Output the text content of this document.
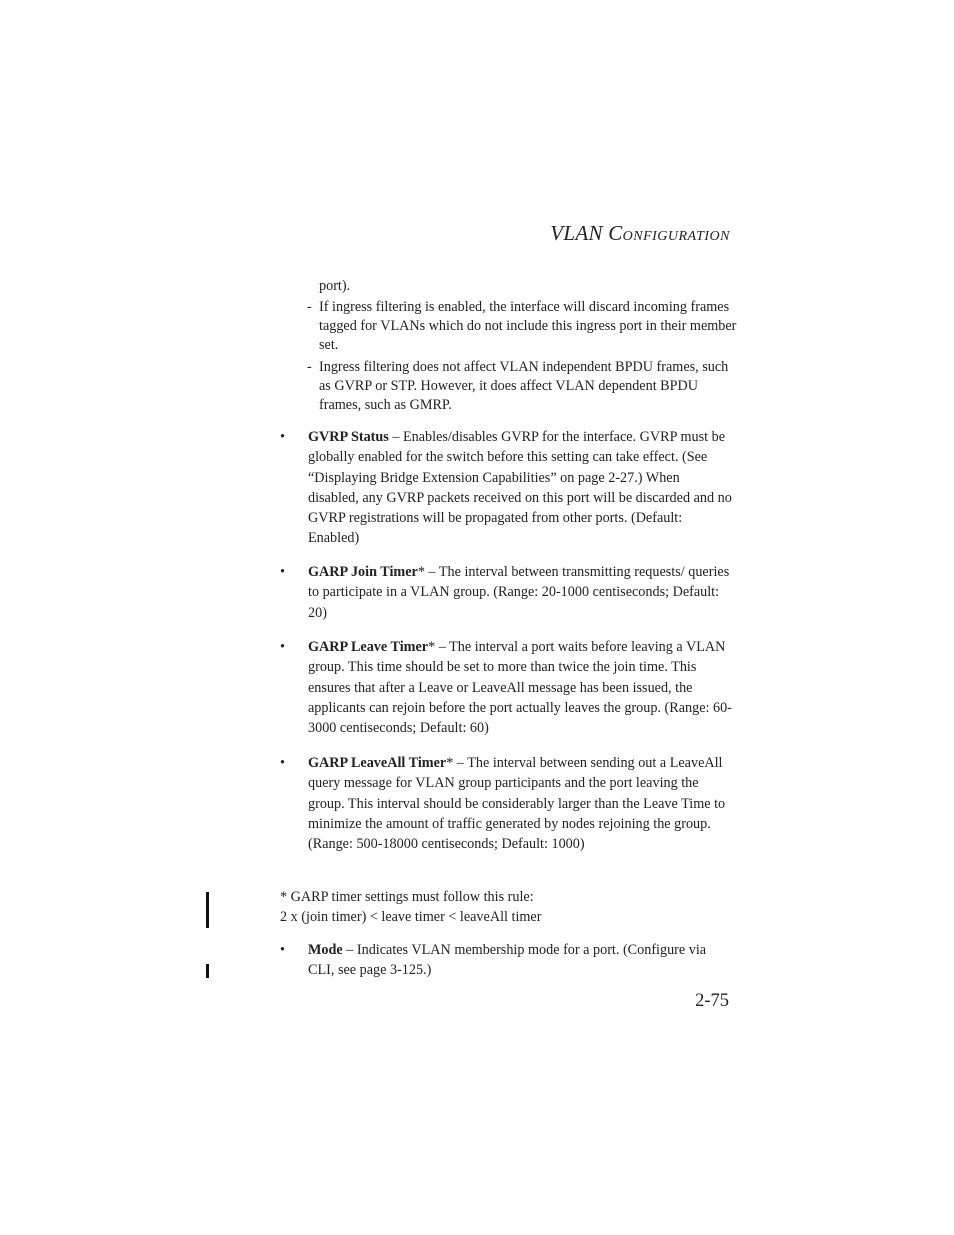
VLAN CONFIGURATION
port).
- If ingress filtering is enabled, the interface will discard incoming frames tagged for VLANs which do not include this ingress port in their member set.
- Ingress filtering does not affect VLAN independent BPDU frames, such as GVRP or STP. However, it does affect VLAN dependent BPDU frames, such as GMRP.
• GVRP Status – Enables/disables GVRP for the interface. GVRP must be globally enabled for the switch before this setting can take effect. (See “Displaying Bridge Extension Capabilities” on page 2-27.) When disabled, any GVRP packets received on this port will be discarded and no GVRP registrations will be propagated from other ports. (Default: Enabled)
• GARP Join Timer* – The interval between transmitting requests/ queries to participate in a VLAN group. (Range: 20-1000 centiseconds; Default: 20)
• GARP Leave Timer* – The interval a port waits before leaving a VLAN group. This time should be set to more than twice the join time. This ensures that after a Leave or LeaveAll message has been issued, the applicants can rejoin before the port actually leaves the group. (Range: 60-3000 centiseconds; Default: 60)
• GARP LeaveAll Timer* – The interval between sending out a LeaveAll query message for VLAN group participants and the port leaving the group. This interval should be considerably larger than the Leave Time to minimize the amount of traffic generated by nodes rejoining the group.
(Range: 500-18000 centiseconds; Default: 1000)
* GARP timer settings must follow this rule:
2 x (join timer) < leave timer < leaveAll timer
• Mode – Indicates VLAN membership mode for a port. (Configure via CLI, see page 3-125.)
2-75
